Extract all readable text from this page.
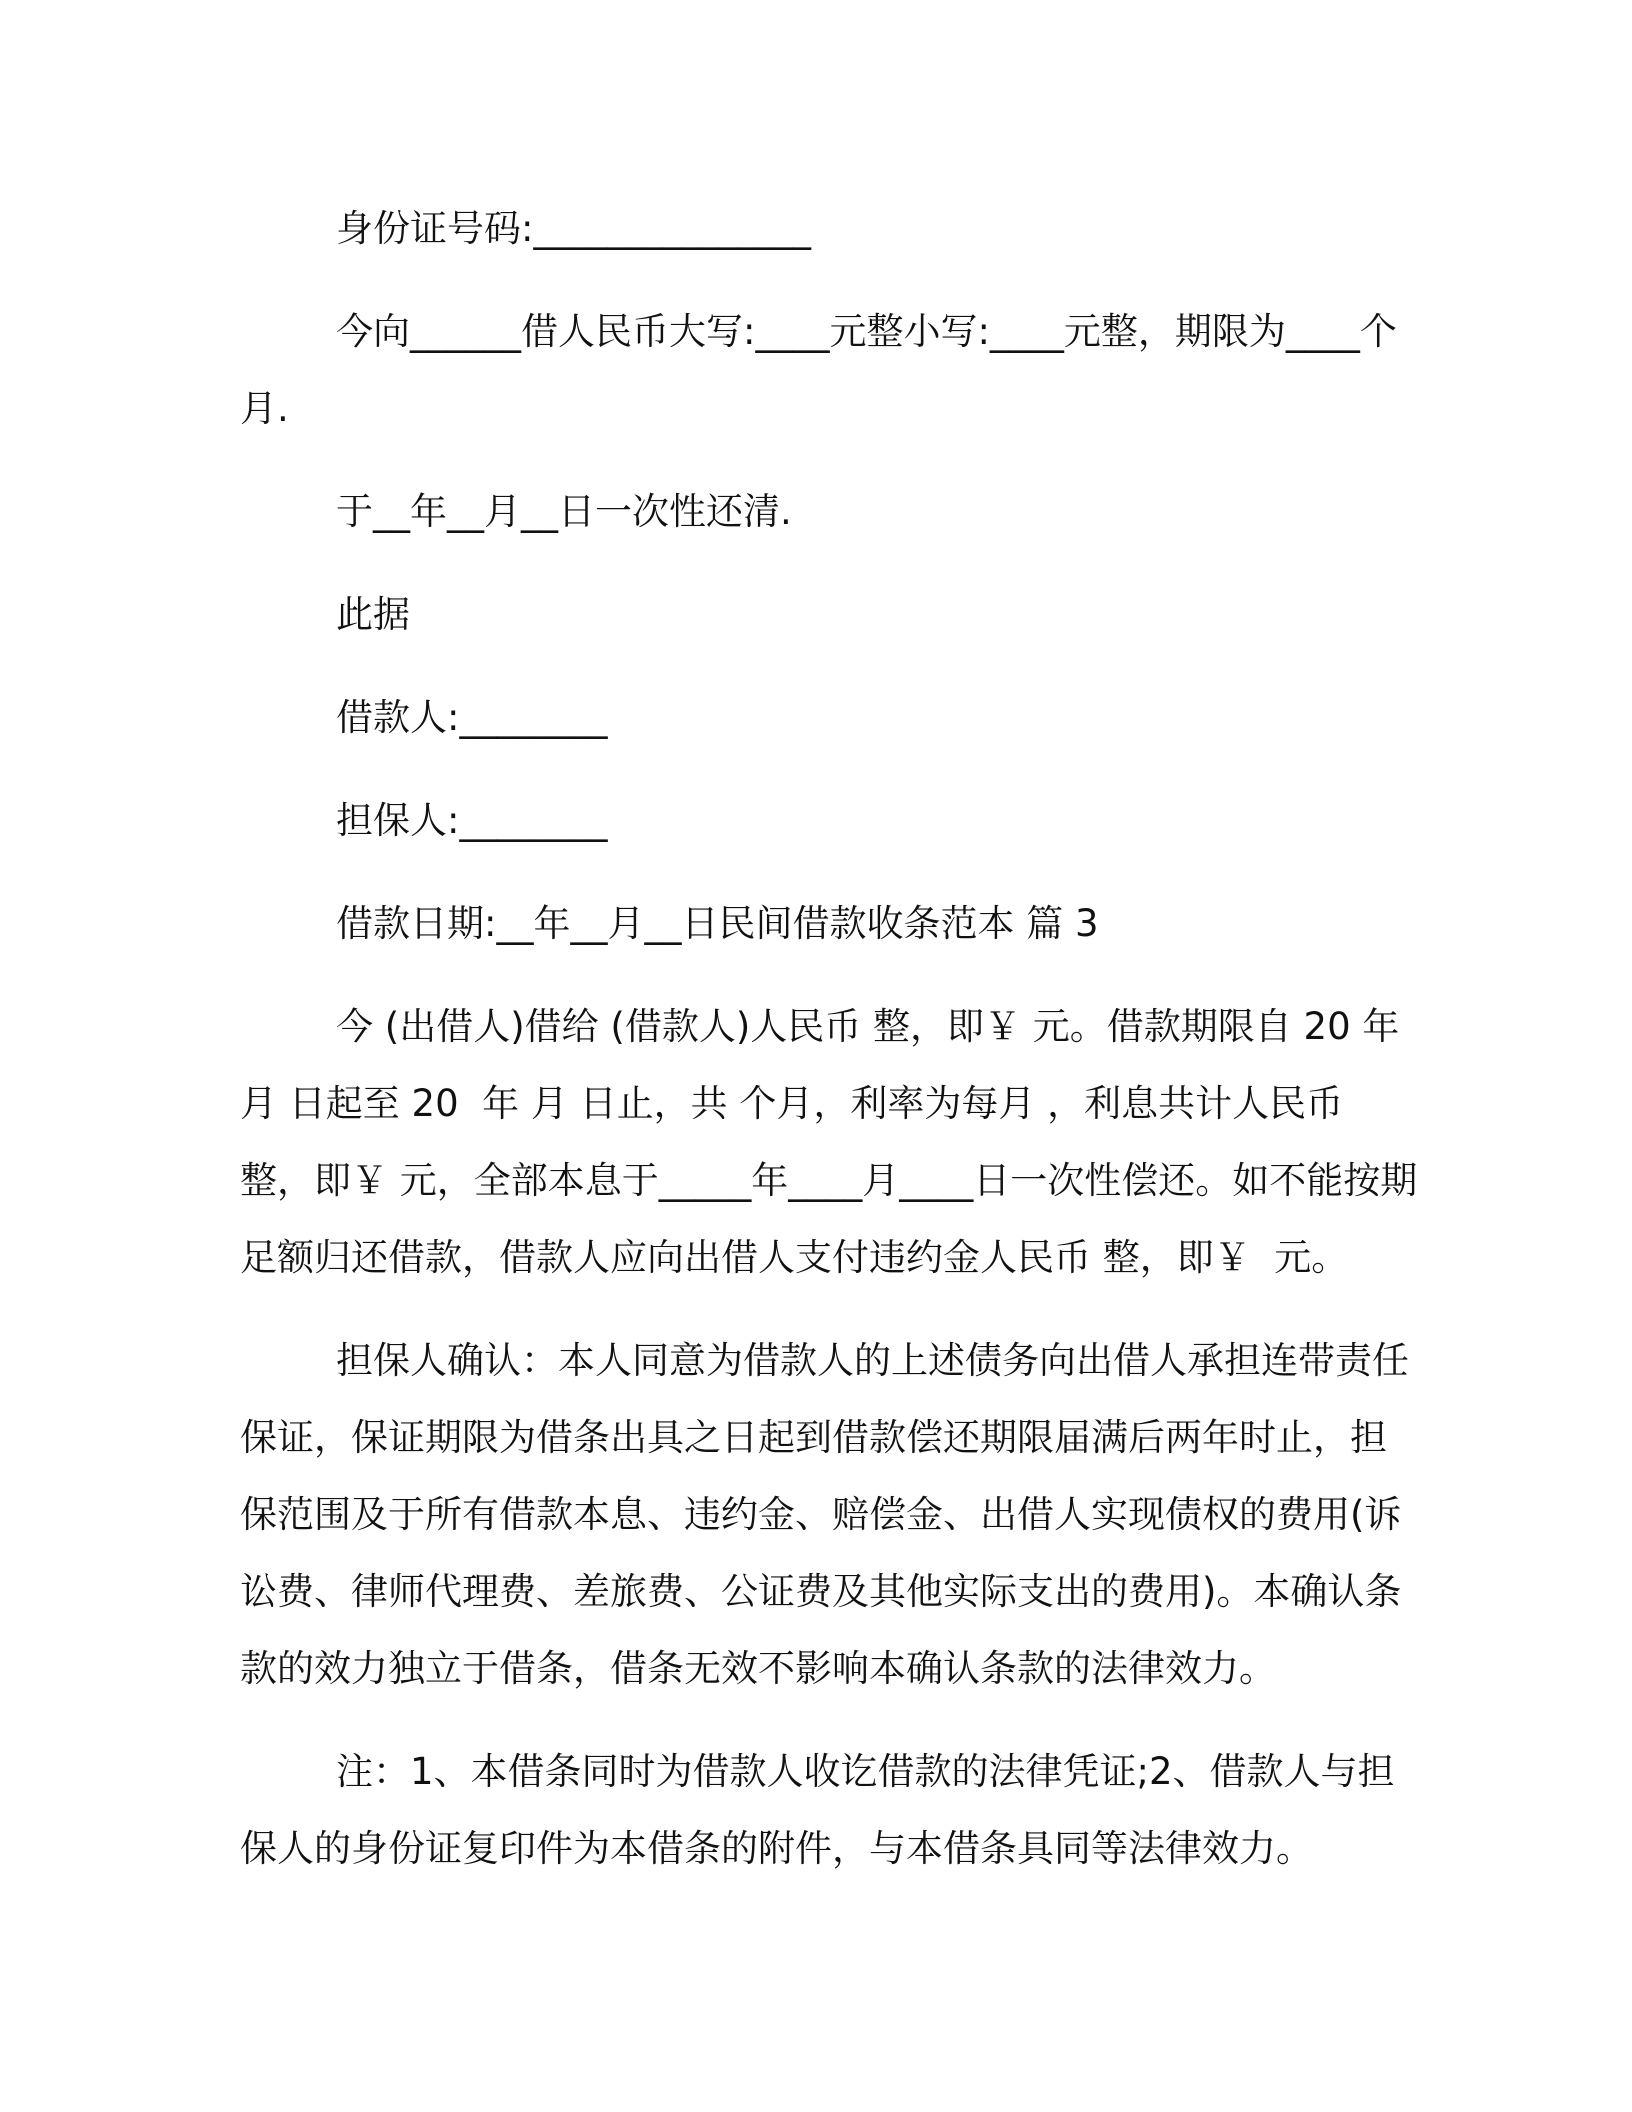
身份证号码:_______________

今向______借人民币大写:____元整小写:____元整，期限为____个月.

于__年__月__日一次性还清.

此据

借款人:________

担保人:________

借款日期:__年__月__日民间借款收条范本 篇 3

今 (出借人)借给 (借款人)人民币 整，即￥ 元。借款期限自 20 年 月 日起至 20  年 月 日止，共 个月，利率为每月 ，利息共计人民币 整，即￥ 元，全部本息于_____年____月____日一次性偿还。如不能按期足额归还借款，借款人应向出借人支付违约金人民币 整，即￥  元。

担保人确认：本人同意为借款人的上述债务向出借人承担连带责任保证，保证期限为借条出具之日起到借款偿还期限届满后两年时止，担保范围及于所有借款本息、违约金、赔偿金、出借人实现债权的费用(诉讼费、律师代理费、差旅费、公证费及其他实际支出的费用)。本确认条款的效力独立于借条，借条无效不影响本确认条款的法律效力。

注：1、本借条同时为借款人收讫借款的法律凭证;2、借款人与担保人的身份证复印件为本借条的附件，与本借条具同等法律效力。
